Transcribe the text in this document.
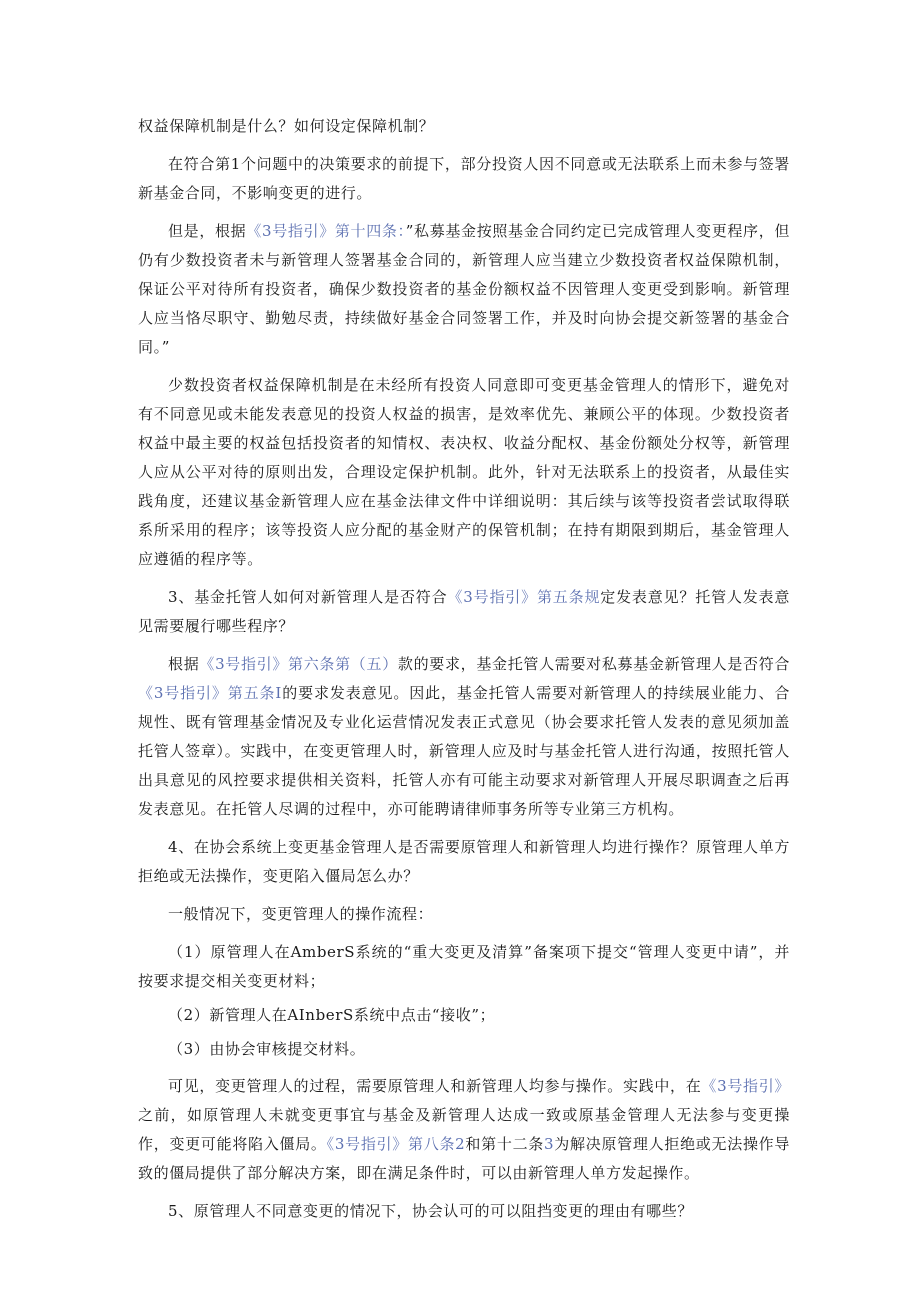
权益保障机制是什么？如何设定保障机制？

在符合第1个问题中的决策要求的前提下，部分投资人因不同意或无法联系上而未参与签署新基金合同，不影响变更的进行。

但是，根据《3号指引》第十四条：”私募基金按照基金合同约定已完成管理人变更程序，但仍有少数投资者未与新管理人签署基金合同的，新管理人应当建立少数投资者权益保隙机制，保证公平对待所有投资者，确保少数投资者的基金份额权益不因管理人变更受到影响。新管理人应当恪尽职守、勤勉尽责，持续做好基金合同签署工作，并及时向协会提交新签署的基金合同。”

少数投资者权益保障机制是在未经所有投资人同意即可变更基金管理人的情形下，避免对有不同意见或未能发表意见的投资人权益的损害，是效率优先、兼顾公平的体现。少数投资者权益中最主要的权益包括投资者的知情权、表决权、收益分配权、基金份额处分权等，新管理人应从公平对待的原则出发，合理设定保护机制。此外，针对无法联系上的投资者，从最佳实践角度，还建议基金新管理人应在基金法律文件中详细说明：其后续与该等投资者尝试取得联系所采用的程序；该等投资人应分配的基金财产的保管机制；在持有期限到期后，基金管理人应遵循的程序等。

3、基金托管人如何对新管理人是否符合《3号指引》第五条规定发表意见？托管人发表意见需要履行哪些程序？

根据《3号指引》第六条第（五）款的要求，基金托管人需要对私募基金新管理人是否符合《3号指引》第五条Ⅰ的要求发表意见。因此，基金托管人需要对新管理人的持续展业能力、合规性、既有管理基金情况及专业化运营情况发表正式意见（协会要求托管人发表的意见须加盖托管人签章）。实践中，在变更管理人时，新管理人应及时与基金托管人进行沟通，按照托管人出具意见的风控要求提供相关资料，托管人亦有可能主动要求对新管理人开展尽职调查之后再发表意见。在托管人尽调的过程中，亦可能聘请律师事务所等专业第三方机构。

4、在协会系统上变更基金管理人是否需要原管理人和新管理人均进行操作？原管理人单方拒绝或无法操作，变更陷入僵局怎么办？

一般情况下，变更管理人的操作流程：

（1）原管理人在AmberS系统的“重大变更及清算”备案项下提交“管理人变更中请”，并按要求提交相关变更材料；

（2）新管理人在AInberS系统中点击“接收”；

（3）由协会审核提交材料。

可见，变更管理人的过程，需要原管理人和新管理人均参与操作。实践中，在《3号指引》之前，如原管理人未就变更事宜与基金及新管理人达成一致或原基金管理人无法参与变更操作，变更可能将陷入僵局。《3号指引》第八条2和第十二条3为解决原管理人拒绝或无法操作导致的僵局提供了部分解决方案，即在满足条件时，可以由新管理人单方发起操作。

5、原管理人不同意变更的情况下，协会认可的可以阻挡变更的理由有哪些？
